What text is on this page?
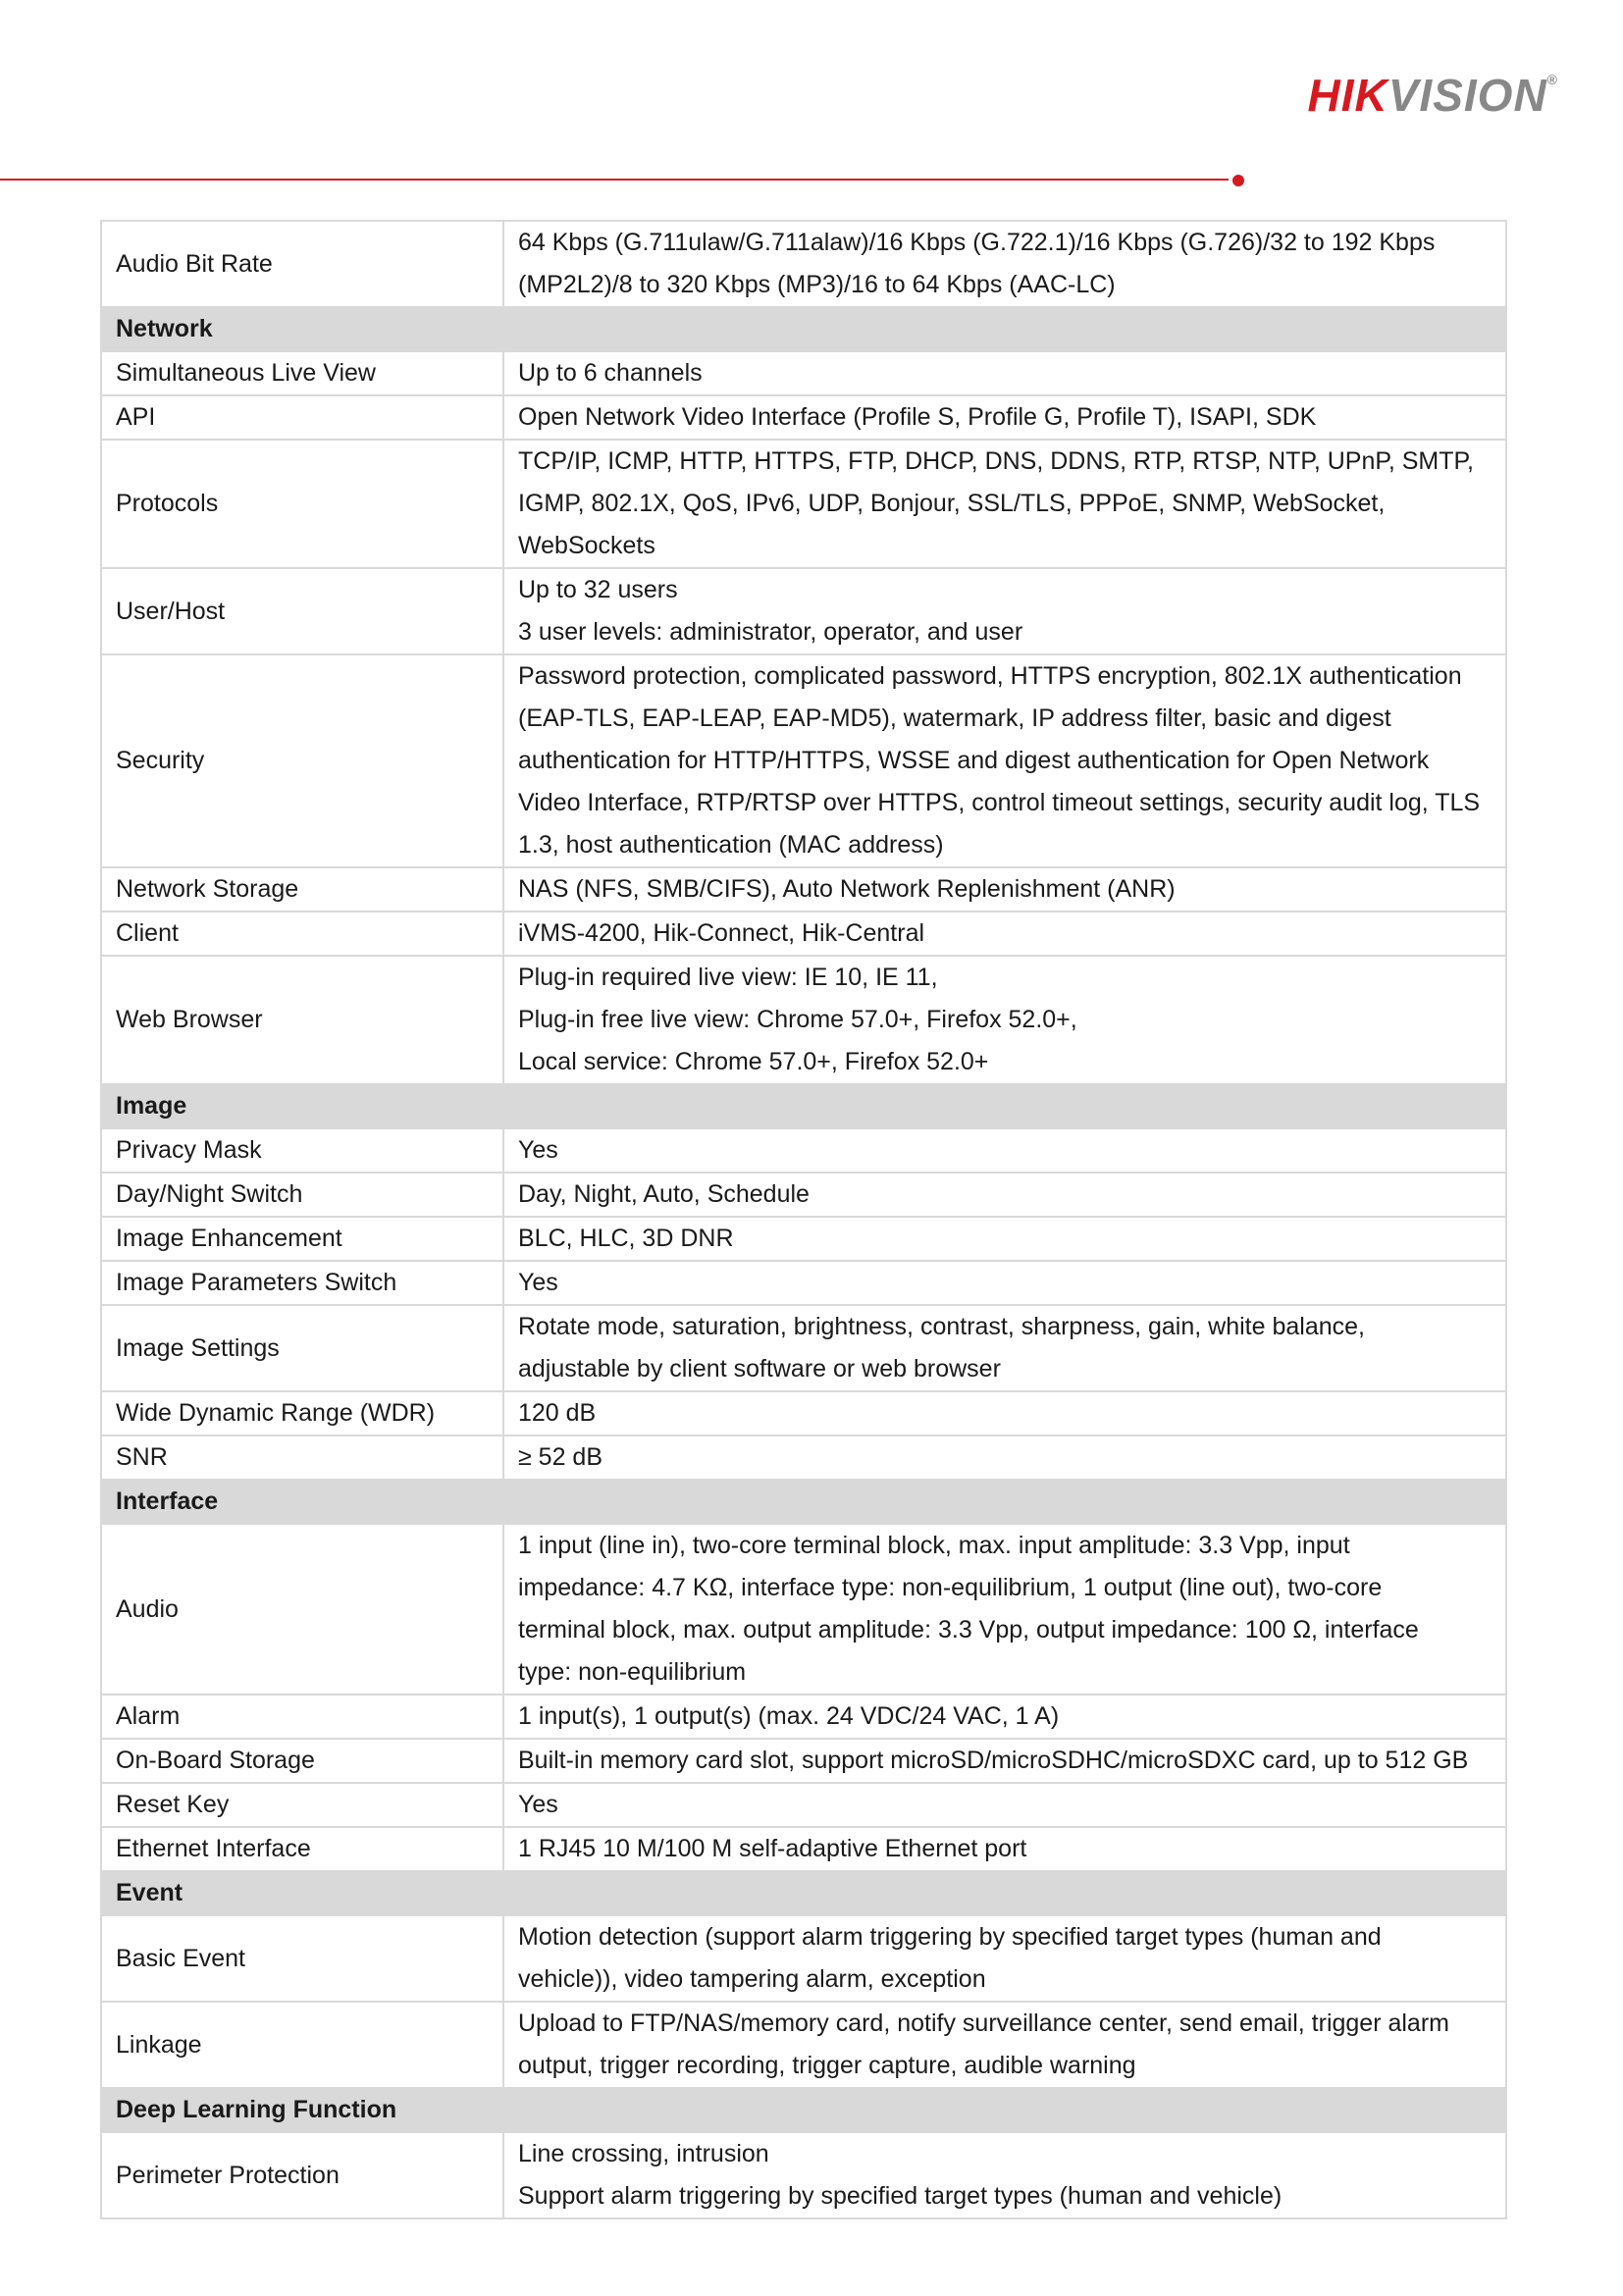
HIKVISION®
Audio Bit Rate	64 Kbps (G.711ulaw/G.711alaw)/16 Kbps (G.722.1)/16 Kbps (G.726)/32 to 192 Kbps
(MP2L2)/8 to 320 Kbps (MP3)/16 to 64 Kbps (AAC-LC)

Network	
Simultaneous Live View	Up to 6 channels

API	Open Network Video Interface (Profile S, Profile G, Profile T), ISAPI, SDK

Protocols	TCP/IP, ICMP, HTTP, HTTPS, FTP, DHCP, DNS, DDNS, RTP, RTSP, NTP, UPnP, SMTP,
IGMP, 802.1X, QoS, IPv6, UDP, Bonjour, SSL/TLS, PPPoE, SNMP, WebSocket,
WebSockets

User/Host	Up to 32 users
3 user levels: administrator, operator, and user

Security	Password protection, complicated password, HTTPS encryption, 802.1X authentication
(EAP-TLS, EAP-LEAP, EAP-MD5), watermark, IP address filter, basic and digest
authentication for HTTP/HTTPS, WSSE and digest authentication for Open Network
Video Interface, RTP/RTSP over HTTPS, control timeout settings, security audit log, TLS
1.3, host authentication (MAC address)

Network Storage	NAS (NFS, SMB/CIFS), Auto Network Replenishment (ANR)

Client	iVMS-4200, Hik-Connect, Hik-Central

Web Browser	Plug-in required live view: IE 10, IE 11,
Plug-in free live view: Chrome 57.0+, Firefox 52.0+,
Local service: Chrome 57.0+, Firefox 52.0+

Image	
Privacy Mask	Yes

Day/Night Switch	Day, Night, Auto, Schedule

Image Enhancement	BLC, HLC, 3D DNR

Image Parameters Switch	Yes

Image Settings	Rotate mode, saturation, brightness, contrast, sharpness, gain, white balance,
adjustable by client software or web browser

Wide Dynamic Range (WDR)	120 dB

SNR	≥ 52 dB

Interface	
Audio	1 input (line in), two-core terminal block, max. input amplitude: 3.3 Vpp, input
impedance: 4.7 KΩ, interface type: non-equilibrium, 1 output (line out), two-core
terminal block, max. output amplitude: 3.3 Vpp, output impedance: 100 Ω, interface
type: non-equilibrium

Alarm	1 input(s), 1 output(s) (max. 24 VDC/24 VAC, 1 A)

On-Board Storage	Built-in memory card slot, support microSD/microSDHC/microSDXC card, up to 512 GB

Reset Key	Yes

Ethernet Interface	1 RJ45 10 M/100 M self-adaptive Ethernet port

Event	
Basic Event	Motion detection (support alarm triggering by specified target types (human and
vehicle)), video tampering alarm, exception

Linkage	Upload to FTP/NAS/memory card, notify surveillance center, send email, trigger alarm
output, trigger recording, trigger capture, audible warning

Deep Learning Function	
Perimeter Protection	Line crossing, intrusion
Support alarm triggering by specified target types (human and vehicle)
